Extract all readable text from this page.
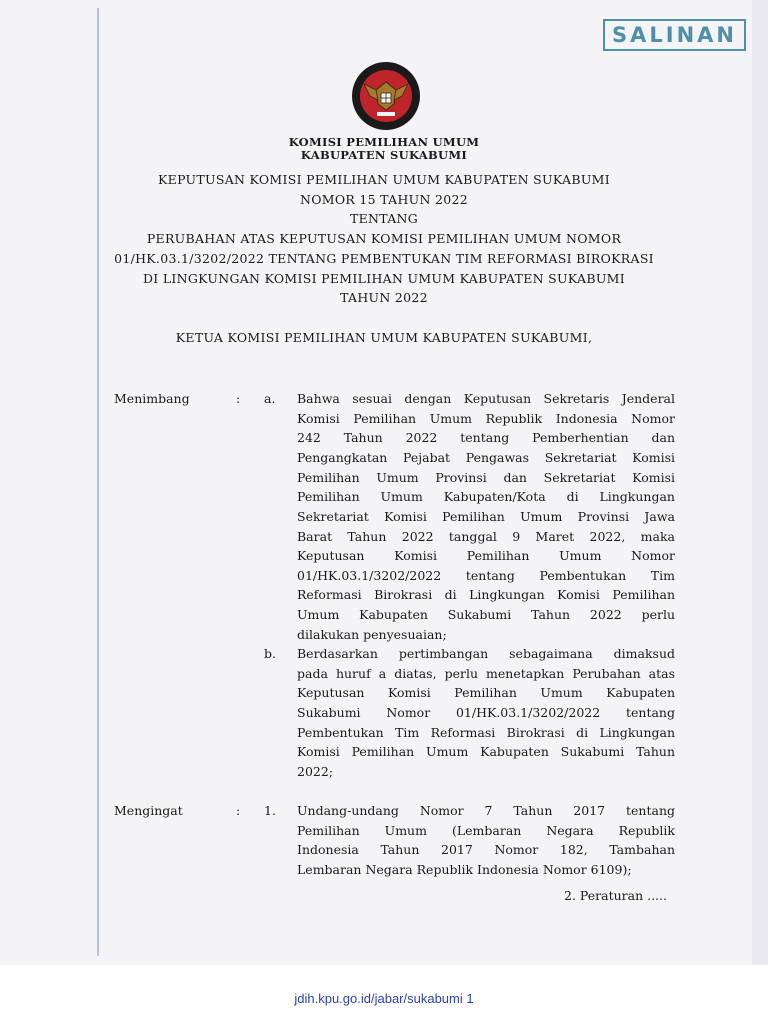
SALINAN
KOMISI PEMILIHAN UMUM
KABUPATEN SUKABUMI
KEPUTUSAN KOMISI PEMILIHAN UMUM KABUPATEN SUKABUMI
NOMOR 15 TAHUN 2022
TENTANG
PERUBAHAN ATAS KEPUTUSAN KOMISI PEMILIHAN UMUM NOMOR
01/HK.03.1/3202/2022 TENTANG PEMBENTUKAN TIM REFORMASI BIROKRASI
DI LINGKUNGAN KOMISI PEMILIHAN UMUM KABUPATEN SUKABUMI
TAHUN 2022
KETUA KOMISI PEMILIHAN UMUM KABUPATEN SUKABUMI,
Menimbang	: a. Bahwa sesuai dengan Keputusan Sekretaris Jenderal
Komisi Pemilihan Umum Republik Indonesia Nomor
242 Tahun 2022 tentang Pemberhentian dan
Pengangkatan Pejabat Pengawas Sekretariat Komisi
Pemilihan Umum Provinsi dan Sekretariat Komisi
Pemilihan Umum Kabupaten/Kota di Lingkungan
Sekretariat Komisi Pemilihan Umum Provinsi Jawa
Barat Tahun 2022 tanggal 9 Maret 2022, maka
Keputusan Komisi Pemilihan Umum Nomor
01/HK.03.1/3202/2022 tentang Pembentukan Tim
Reformasi Birokrasi di Lingkungan Komisi Pemilihan
Umum Kabupaten Sukabumi Tahun 2022 perlu
dilakukan penyesuaian;
b. Berdasarkan pertimbangan sebagaimana dimaksud
pada huruf a diatas, perlu menetapkan Perubahan atas
Keputusan Komisi Pemilihan Umum Kabupaten
Sukabumi Nomor 01/HK.03.1/3202/2022 tentang
Pembentukan Tim Reformasi Birokrasi di Lingkungan
Komisi Pemilihan Umum Kabupaten Sukabumi Tahun
2022;
Mengingat	: 1. Undang-undang Nomor 7 Tahun 2017 tentang
Pemilihan Umum (Lembaran Negara Republik
Indonesia Tahun 2017 Nomor 182, Tambahan
Lembaran Negara Republik Indonesia Nomor 6109);
2. Peraturan .....
jdih.kpu.go.id/jabar/sukabumi 1
